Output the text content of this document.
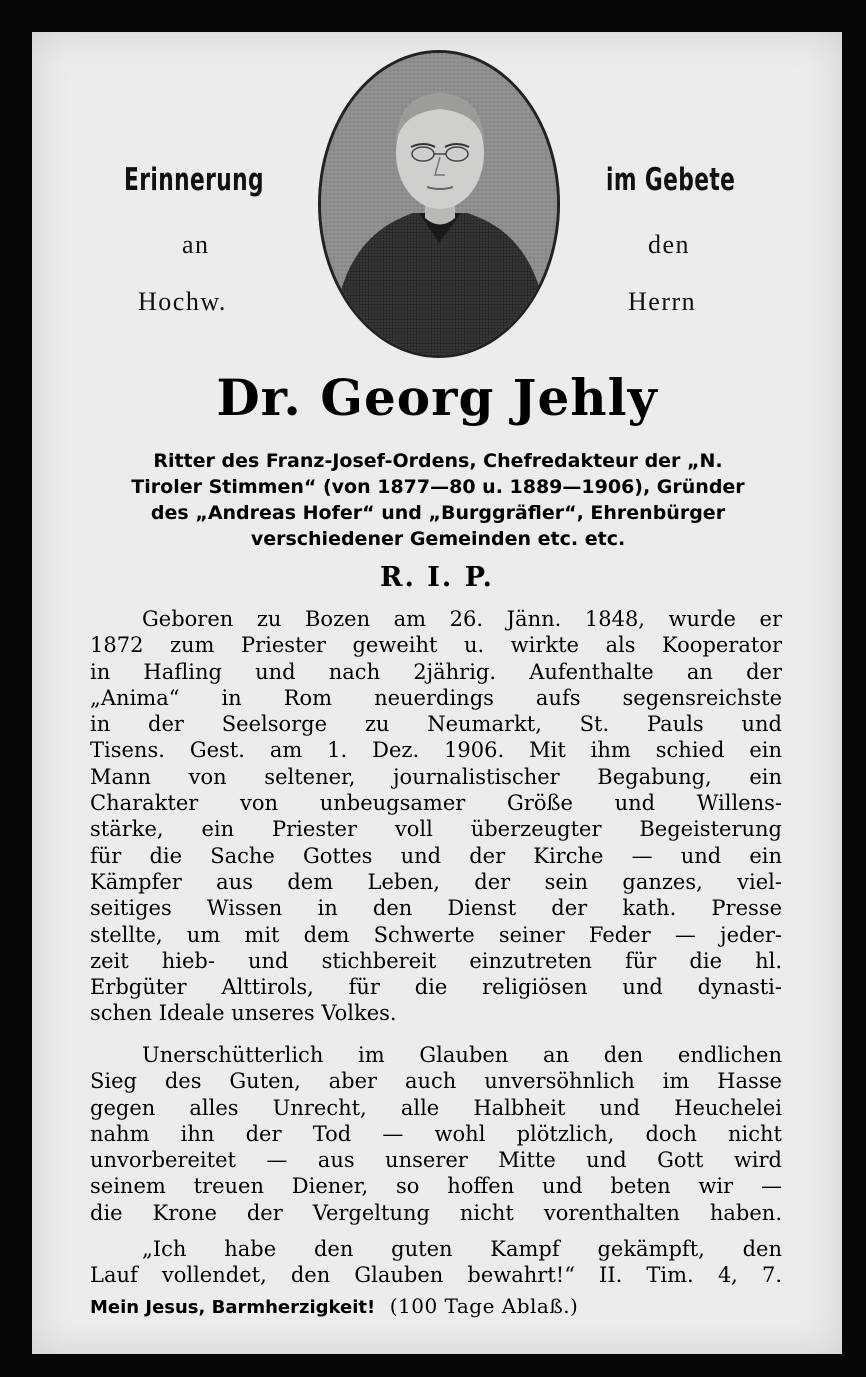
Erinnerung
an
Hochw.
im Gebete
den
Herrn
Dr. Georg Jehly
Ritter des Franz-Josef-Ordens, Chefredakteur der „N.
Tiroler Stimmen“ (von 1877—80 u. 1889—1906), Gründer
des „Andreas Hofer“ und „Burggräfler“, Ehrenbürger
verschiedener Gemeinden etc. etc.
R. I. P.
Geboren zu Bozen am 26. Jänn. 1848, wurde er
1872 zum Priester geweiht u. wirkte als Kooperator
in Hafling und nach 2jährig. Aufenthalte an der
„Anima“ in Rom neuerdings aufs segensreichste
in der Seelsorge zu Neumarkt, St. Pauls und
Tisens. Gest. am 1. Dez. 1906. Mit ihm schied ein
Mann von seltener, journalistischer Begabung, ein
Charakter von unbeugsamer Größe und Willens-
stärke, ein Priester voll überzeugter Begeisterung
für die Sache Gottes und der Kirche — und ein
Kämpfer aus dem Leben, der sein ganzes, viel-
seitiges Wissen in den Dienst der kath. Presse
stellte, um mit dem Schwerte seiner Feder — jeder-
zeit hieb- und stichbereit einzutreten für die hl.
Erbgüter Alttirols, für die religiösen und dynasti-
schen Ideale unseres Volkes.
Unerschütterlich im Glauben an den endlichen
Sieg des Guten, aber auch unversöhnlich im Hasse
gegen alles Unrecht, alle Halbheit und Heuchelei
nahm ihn der Tod — wohl plötzlich, doch nicht
unvorbereitet — aus unserer Mitte und Gott wird
seinem treuen Diener, so hoffen und beten wir —
die Krone der Vergeltung nicht vorenthalten haben.
„Ich habe den guten Kampf gekämpft, den
Lauf vollendet, den Glauben bewahrt!“ II. Tim. 4, 7.
Mein Jesus, Barmherzigkeit! (100 Tage Ablaß.)
